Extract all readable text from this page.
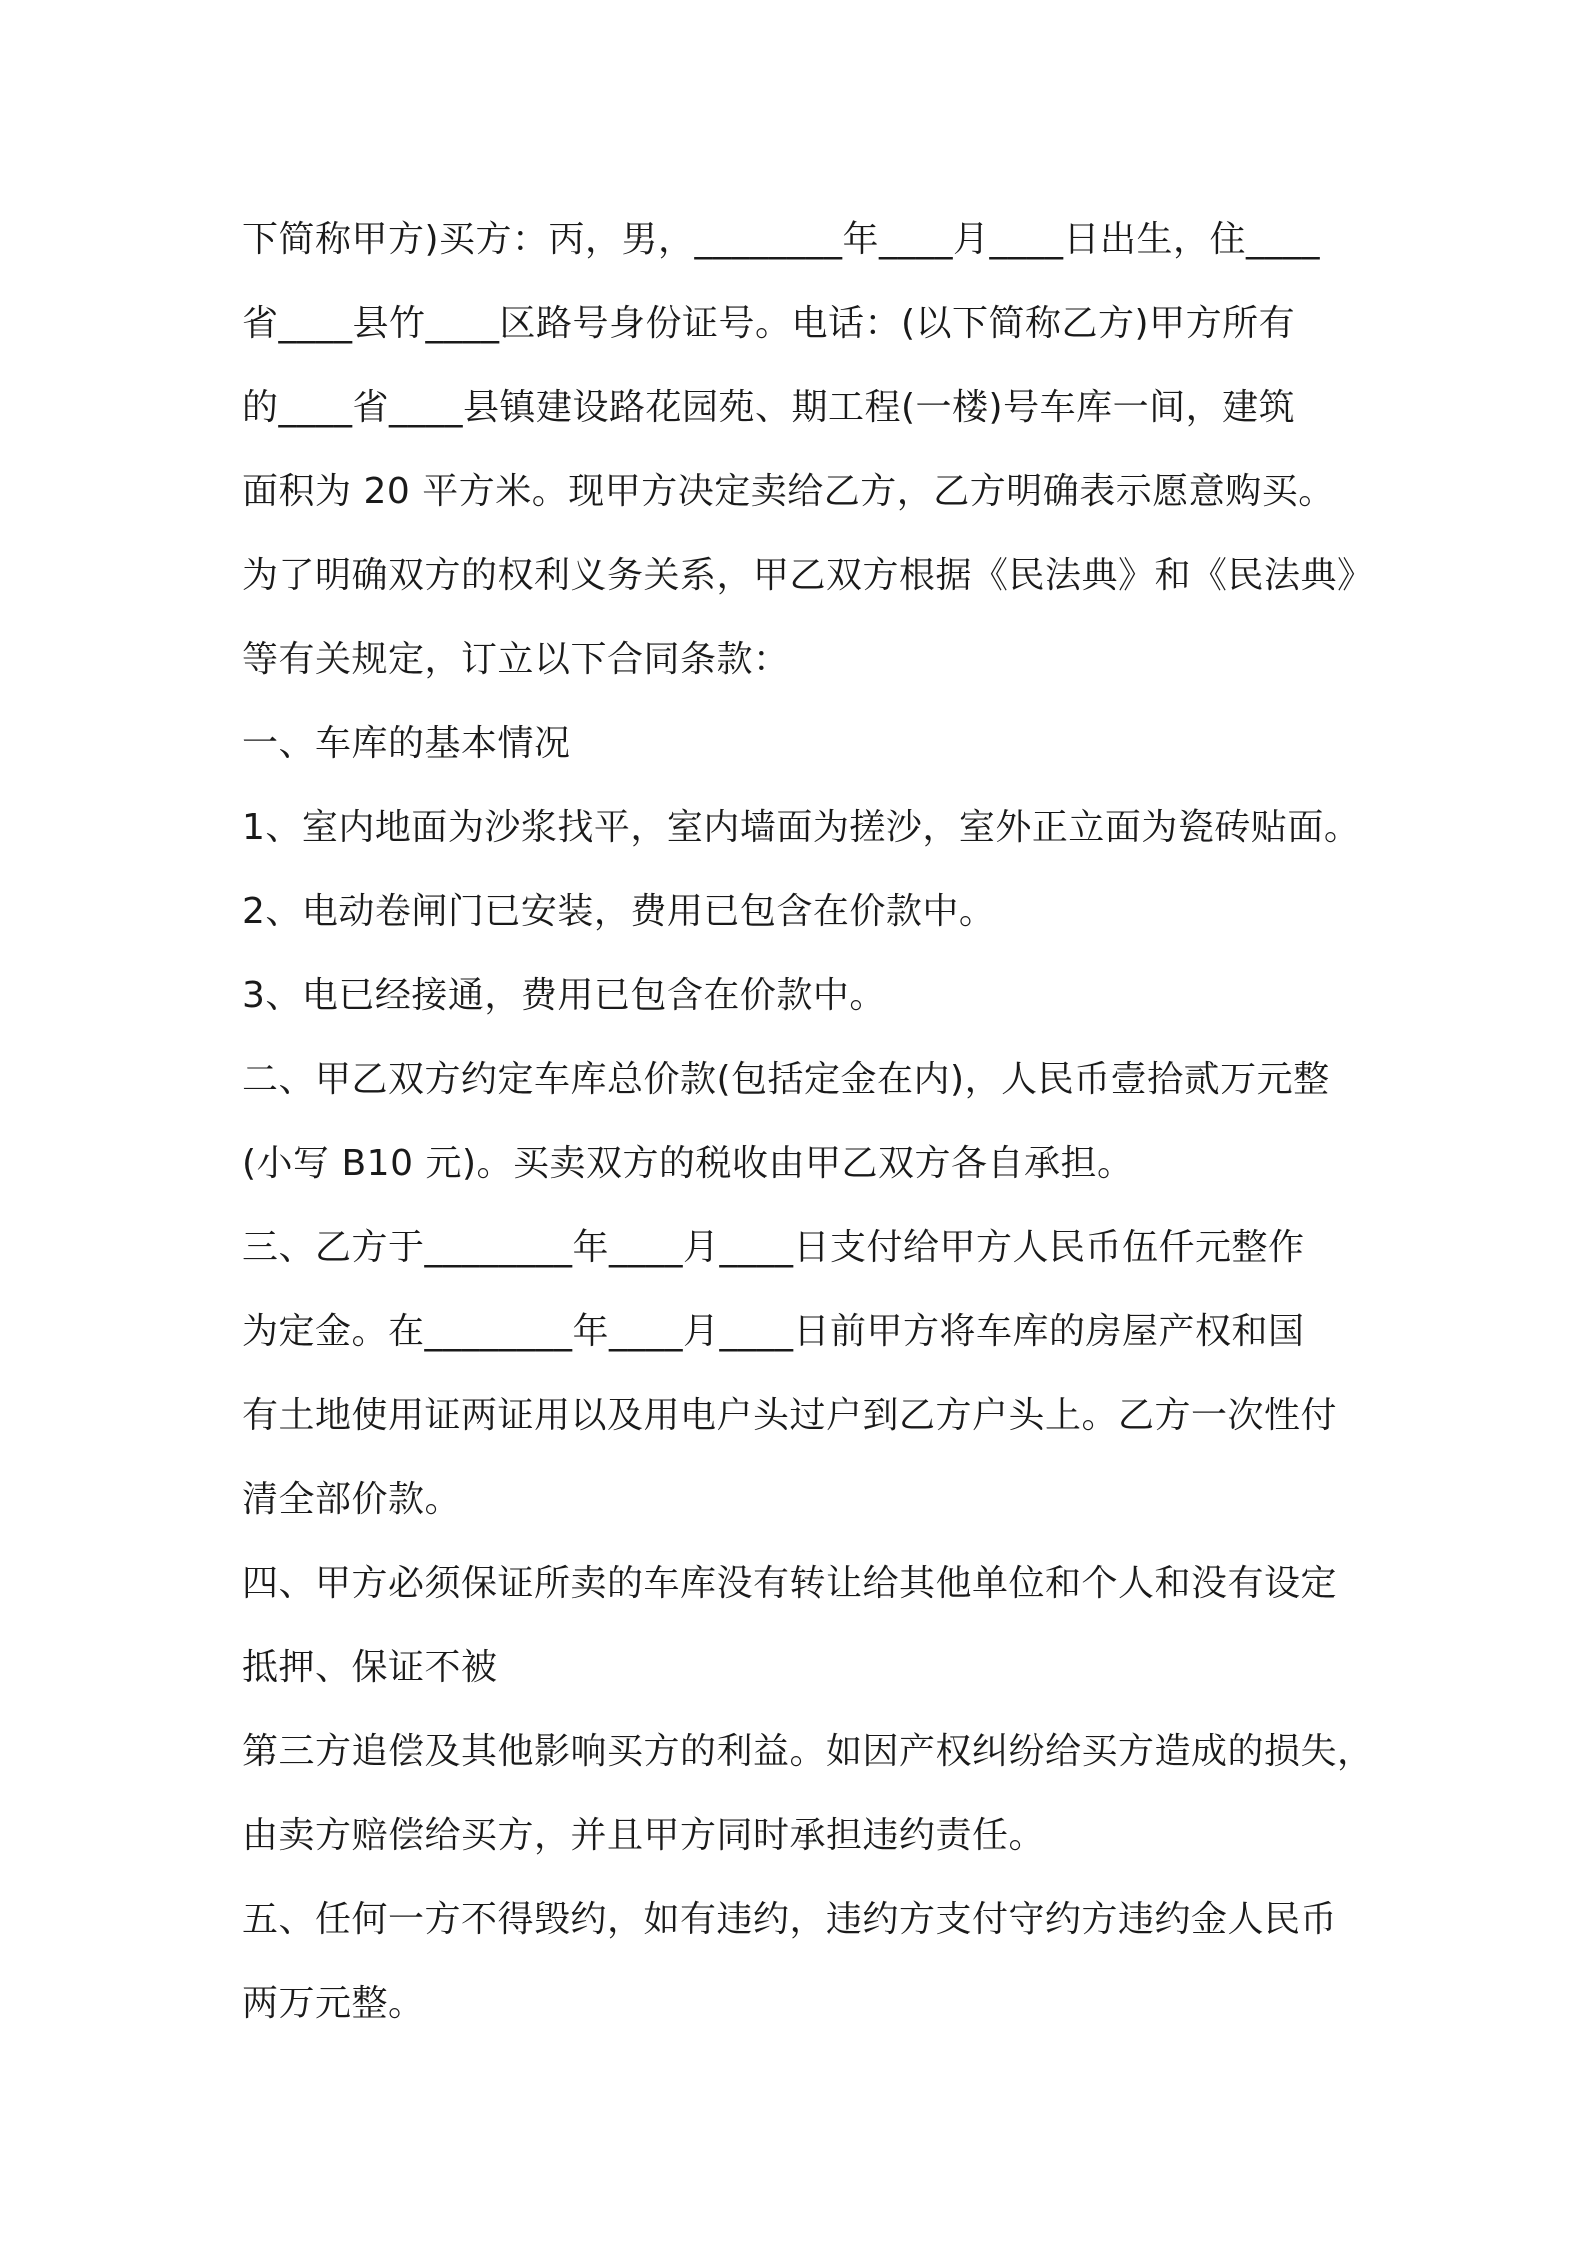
下简称甲方)买方：丙，男，________年____月____日出生，住____
省____县竹____区路号身份证号。电话：(以下简称乙方)甲方所有
的____省____县镇建设路花园苑、期工程(一楼)号车库一间，建筑
面积为 20 平方米。现甲方决定卖给乙方，乙方明确表示愿意购买。
为了明确双方的权利义务关系，甲乙双方根据《民法典》和《民法典》
等有关规定，订立以下合同条款：
一、车库的基本情况
1、室内地面为沙浆找平，室内墙面为搓沙，室外正立面为瓷砖贴面。
2、电动卷闸门已安装，费用已包含在价款中。
3、电已经接通，费用已包含在价款中。
二、甲乙双方约定车库总价款(包括定金在内)，人民币壹拾贰万元整
(小写 B10 元)。买卖双方的税收由甲乙双方各自承担。
三、乙方于________年____月____日支付给甲方人民币伍仟元整作
为定金。在________年____月____日前甲方将车库的房屋产权和国
有土地使用证两证用以及用电户头过户到乙方户头上。乙方一次性付
清全部价款。
四、甲方必须保证所卖的车库没有转让给其他单位和个人和没有设定
抵押、保证不被
第三方追偿及其他影响买方的利益。如因产权纠纷给买方造成的损失，
由卖方赔偿给买方，并且甲方同时承担违约责任。
五、任何一方不得毁约，如有违约，违约方支付守约方违约金人民币
两万元整。
